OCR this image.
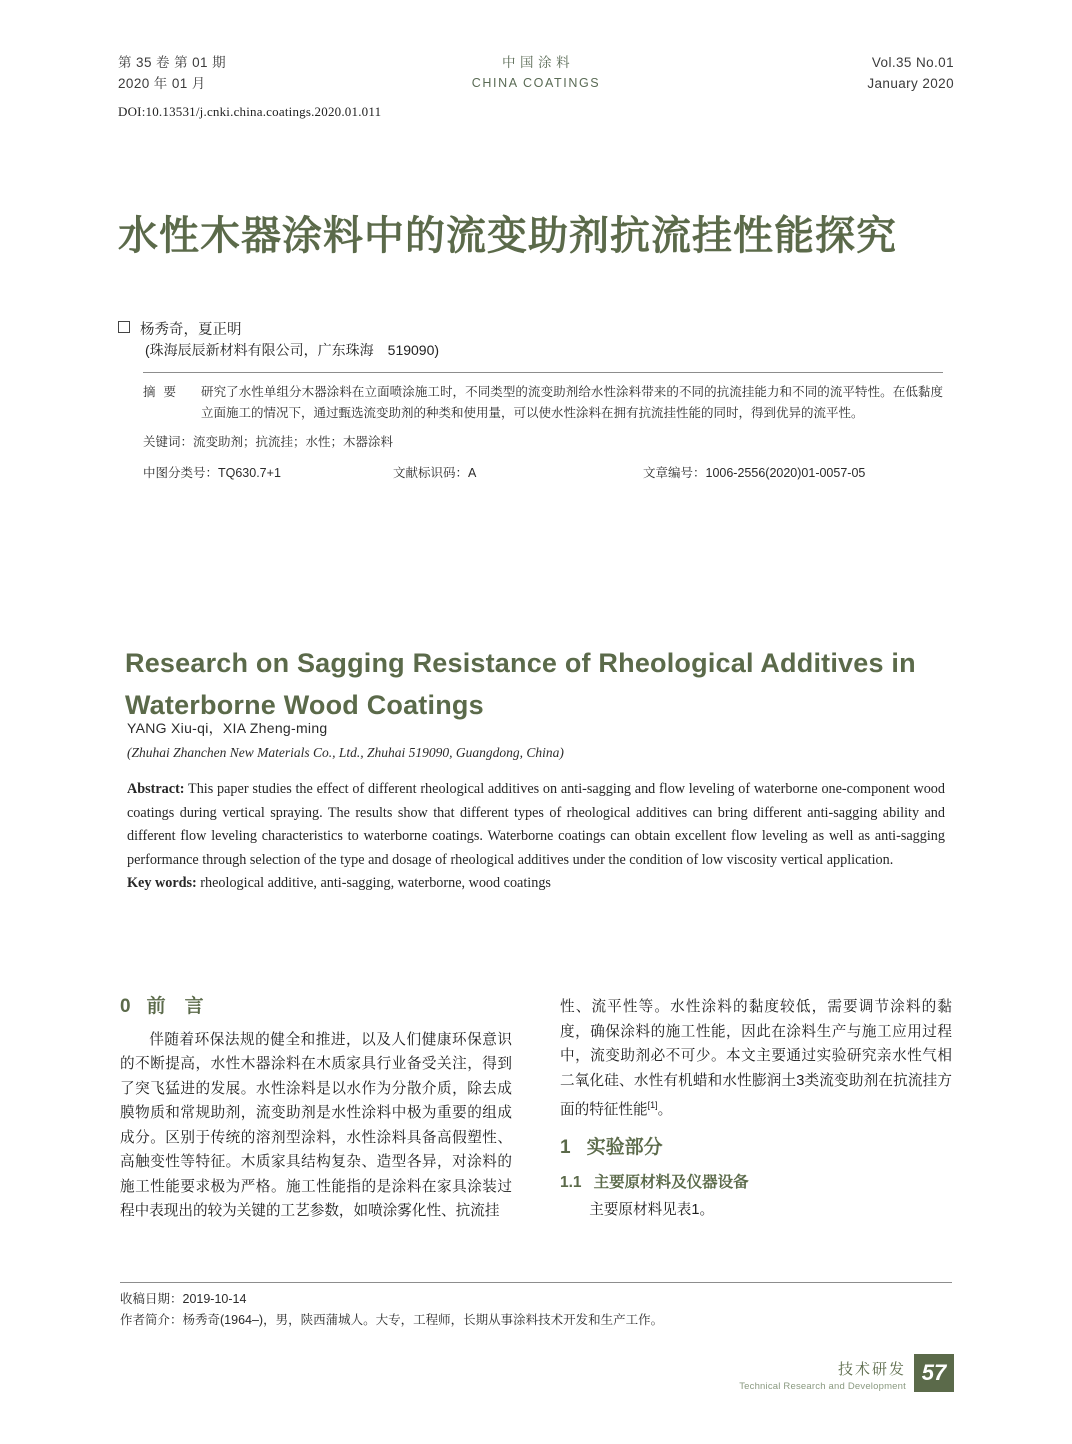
第 35 卷 第 01 期

2020 年 01 月

中 国 涂 料

CHINA COATINGS

Vol.35 No.01

January 2020

DOI:10.13531/j.cnki.china.coatings.2020.01.011
水性木器涂料中的流变助剂抗流挂性能探究
杨秀奇，夏正明
(珠海辰辰新材料有限公司，广东珠海　519090)
摘要	研究了水性单组分木器涂料在立面喷涂施工时，不同类型的流变助剂给水性涂料带来的不同的抗流挂能力和不同的流平特性。在低黏度立面施工的情况下，通过甄选流变助剂的种类和使用量，可以使水性涂料在拥有抗流挂性能的同时，得到优异的流平性。
关键词：流变助剂；抗流挂；水性；木器涂料
中图分类号：TQ630.7+1	文献标识码：A	文章编号：1006-2556(2020)01-0057-05
Research on Sagging Resistance of Rheological Additives in Waterborne Wood Coatings
YANG Xiu-qi，XIA Zheng-ming
(Zhuhai Zhanchen New Materials Co., Ltd., Zhuhai 519090, Guangdong, China)

Abstract: This paper studies the effect of different rheological additives on anti-sagging and flow leveling of waterborne one-component wood coatings during vertical spraying. The results show that different types of rheological additives can bring different anti-sagging ability and different flow leveling characteristics to waterborne coatings. Waterborne coatings can obtain excellent flow leveling as well as anti-sagging performance through selection of the type and dosage of rheological additives under the condition of low viscosity vertical application.

Key words: rheological additive, anti-sagging, waterborne, wood coatings

0 前　言

伴随着环保法规的健全和推进，以及人们健康环保意识的不断提高，水性木器涂料在木质家具行业备受关注，得到了突飞猛进的发展。水性涂料是以水作为分散介质，除去成膜物质和常规助剂，流变助剂是水性涂料中极为重要的组成成分。区别于传统的溶剂型涂料，水性涂料具备高假塑性、高触变性等特征。木质家具结构复杂、造型各异，对涂料的施工性能要求极为严格。施工性能指的是涂料在家具涂装过程中表现出的较为关键的工艺参数，如喷涂雾化性、抗流挂

性、流平性等。水性涂料的黏度较低，需要调节涂料的黏度，确保涂料的施工性能，因此在涂料生产与施工应用过程中，流变助剂必不可少。本文主要通过实验研究亲水性气相二氧化硅、水性有机蜡和水性膨润土3类流变助剂在抗流挂方面的特征性能[1]。

1 实验部分
1.1 主要原材料及仪器设备

主要原材料见表1。

收稿日期：2019-10-14
作者简介：杨秀奇(1964–)，男，陕西蒲城人。大专，工程师，长期从事涂料技术开发和生产工作。
技术研发
Technical Research and Development
57
